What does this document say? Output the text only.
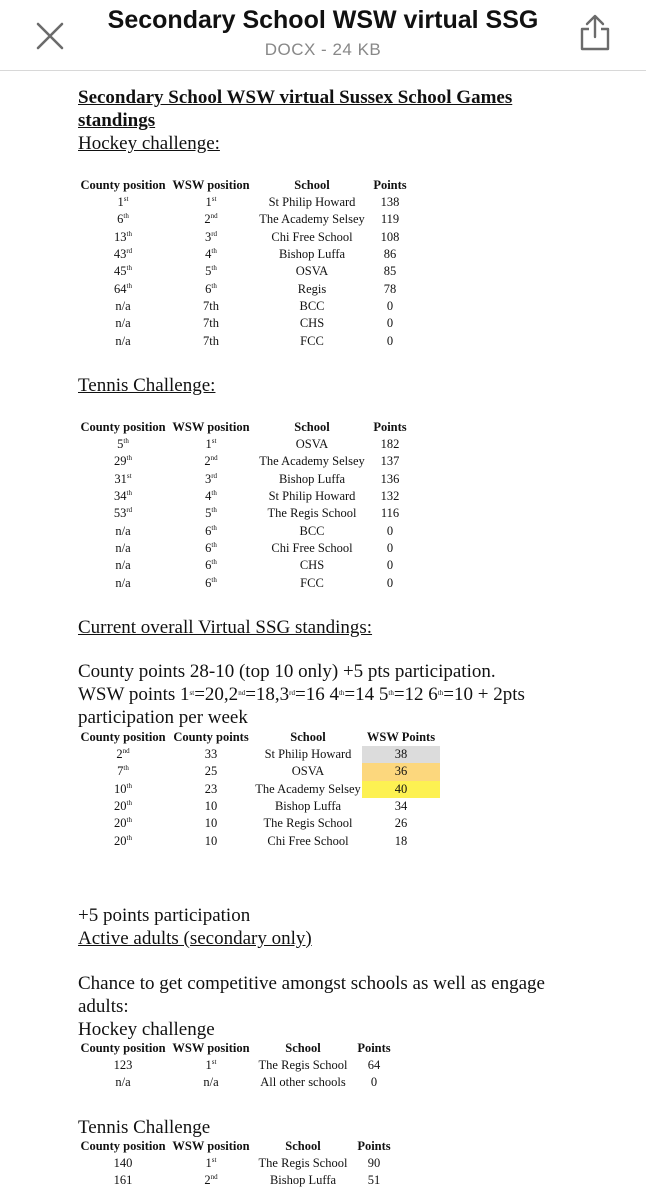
Secondary School WSW virtual SSG
DOCX - 24 KB
Secondary School WSW virtual Sussex School Games
standings
Hockey challenge:
County position	WSW position	School	Points
1st	1st	St Philip Howard	138
6th	2nd	The Academy Selsey	119
13th	3rd	Chi Free School	108
43rd	4th	Bishop Luffa	86
45th	5th	OSVA	85
64th	6th	Regis	78
n/a	7th	BCC	0
n/a	7th	CHS	0
n/a	7th	FCC	0
Tennis Challenge:
County position	WSW position	School	Points
5th	1st	OSVA	182
29th	2nd	The Academy Selsey	137
31st	3rd	Bishop Luffa	136
34th	4th	St Philip Howard	132
53rd	5th	The Regis School	116
n/a	6th	BCC	0
n/a	6th	Chi Free School	0
n/a	6th	CHS	0
n/a	6th	FCC	0
Current overall Virtual SSG standings:
County points 28-10 (top 10 only) +5 pts participation.
WSW points 1st=20,2nd=18,3rd=16 4th=14 5th=12 6th=10 + 2pts
participation per week
County position	County points	School	WSW Points
2nd	33	St Philip Howard	38
7th	25	OSVA	36
10th	23	The Academy Selsey	40
20th	10	Bishop Luffa	34
20th	10	The Regis School	26
20th	10	Chi Free School	18
+5 points participation
Active adults (secondary only)
Chance to get competitive amongst schools as well as engage
adults:
Hockey challenge
County position	WSW position	School	Points
123	1st	The Regis School	64
n/a	n/a	All other schools	0
Tennis Challenge
County position	WSW position	School	Points
140	1st	The Regis School	90
161	2nd	Bishop Luffa	51
